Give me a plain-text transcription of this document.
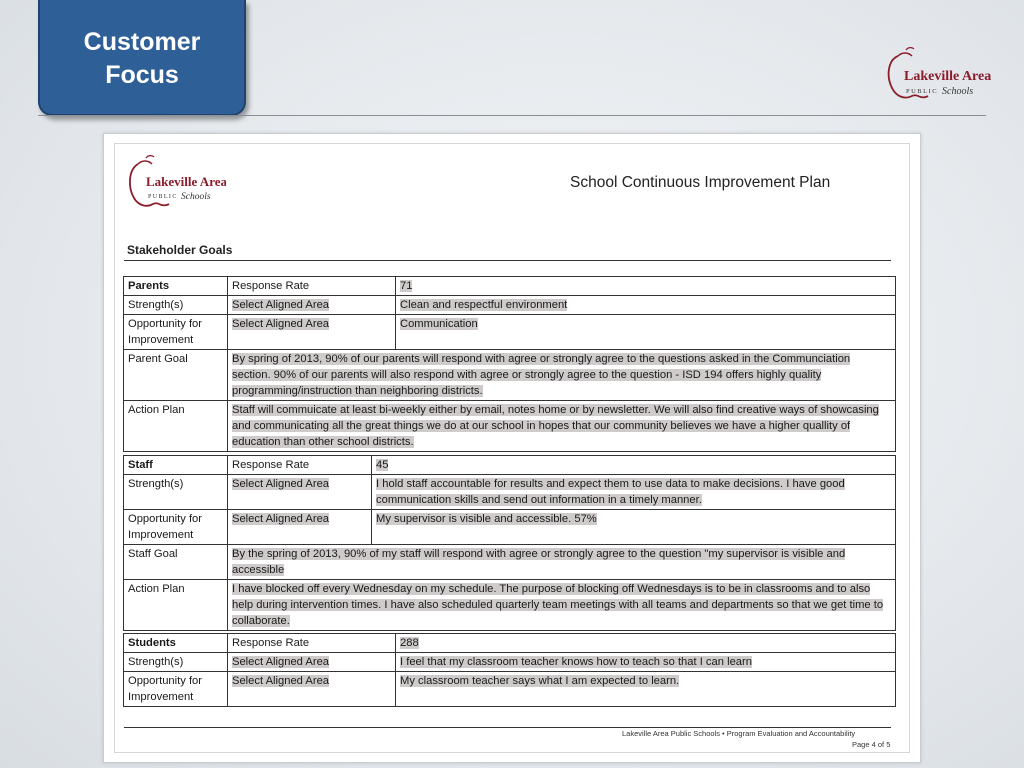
Customer
Focus	Lakeville Area
PUBLIC Schools
Lakeville Area
PUBLIC Schools
School Continuous Improvement Plan
Stakeholder Goals
Parents	Response Rate	71
Strength(s)	Select Aligned Area	Clean and respectful environment
Opportunity for Improvement	Select Aligned Area	Communication
Parent Goal	By spring of 2013, 90% of our parents will respond with agree or strongly agree to the questions asked in the Communciation section. 90% of our parents will also respond with agree or strongly agree to the question - ISD 194 offers highly quality programming/instruction than neighboring districts.	
Action Plan	Staff will commuicate at least bi-weekly either by email, notes home or by newsletter. We will also find creative ways of showcasing and communicating all the great things we do at our school in hopes that our community believes we have a higher quallity of education than other school districts.	
Staff	Response Rate	45
Strength(s)	Select Aligned Area	I hold staff accountable for results and expect them to use data to make decisions. I have good communication skills and send out information in a timely manner.
Opportunity for Improvement	Select Aligned Area	My supervisor is visible and accessible. 57%
Staff Goal	By the spring of 2013, 90% of my staff will respond with agree or strongly agree to the question "my supervisor is visible and accessible	
Action Plan	I have blocked off every Wednesday on my schedule. The purpose of blocking off Wednesdays is to be in classrooms and to also help during intervention times. I have also scheduled quarterly team meetings with all teams and departments so that we get time to collaborate.	
Students	Response Rate	288
Strength(s)	Select Aligned Area	I feel that my classroom teacher knows how to teach so that I can learn
Opportunity for Improvement	Select Aligned Area	My classroom teacher says what I am expected to learn.
Lakeville Area Public Schools • Program Evaluation and Accountability
Page 4 of 5
